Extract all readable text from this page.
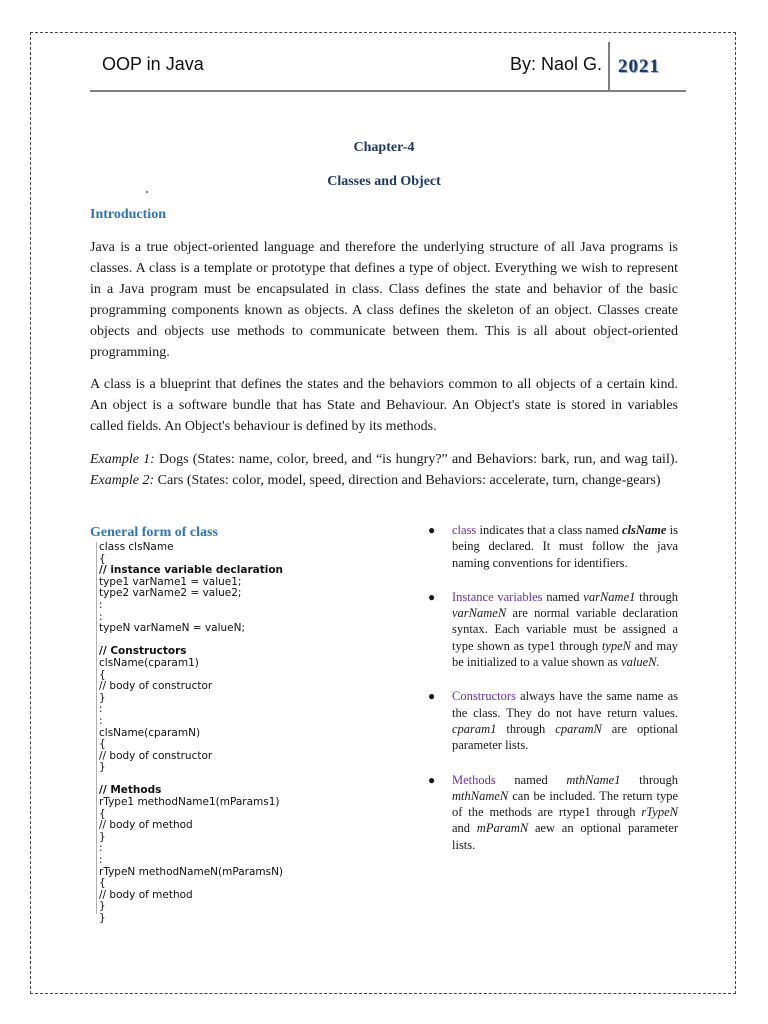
OOP in Java	By: Naol G. 2021
Chapter-4
Classes and Object
Introduction
Java is a true object-oriented language and therefore the underlying structure of all Java programs is classes. A class is a template or prototype that defines a type of object. Everything we wish to represent in a Java program must be encapsulated in class. Class defines the state and behavior of the basic programming components known as objects. A class defines the skeleton of an object. Classes create objects and objects use methods to communicate between them. This is all about object-oriented programming.
A class is a blueprint that defines the states and the behaviors common to all objects of a certain kind. An object is a software bundle that has State and Behaviour. An Object's state is stored in variables called fields. An Object's behaviour is defined by its methods.
Example 1: Dogs (States: name, color, breed, and “is hungry?” and Behaviors: bark, run, and wag tail). Example 2: Cars (States: color, model, speed, direction and Behaviors: accelerate, turn, change-gears)
General form of class
class clsName
{
// instance variable declaration
type1 varName1 = value1;
type2 varName2 = value2;
:
:
typeN varNameN = valueN;
// Constructors
clsName(cparam1)
{
// body of constructor
}
:
:
clsName(cparamN)
{
// body of constructor
}
// Methods
rType1 methodName1(mParams1)
{
// body of method
}
:
:
rTypeN methodNameN(mParamsN)
{
// body of method
}
}
● class indicates that a class named clsName is being declared. It must follow the java naming conventions for identifiers.
● Instance variables named varName1 through varNameN are normal variable declaration syntax. Each variable must be assigned a type shown as type1 through typeN and may be initialized to a value shown as valueN.
● Constructors always have the same name as the class. They do not have return values. cparam1 through cparamN are optional parameter lists.
● Methods named mthName1 through mthNameN can be included. The return type of the methods are rtype1 through rTypeN and mParamN aew an optional parameter lists.
